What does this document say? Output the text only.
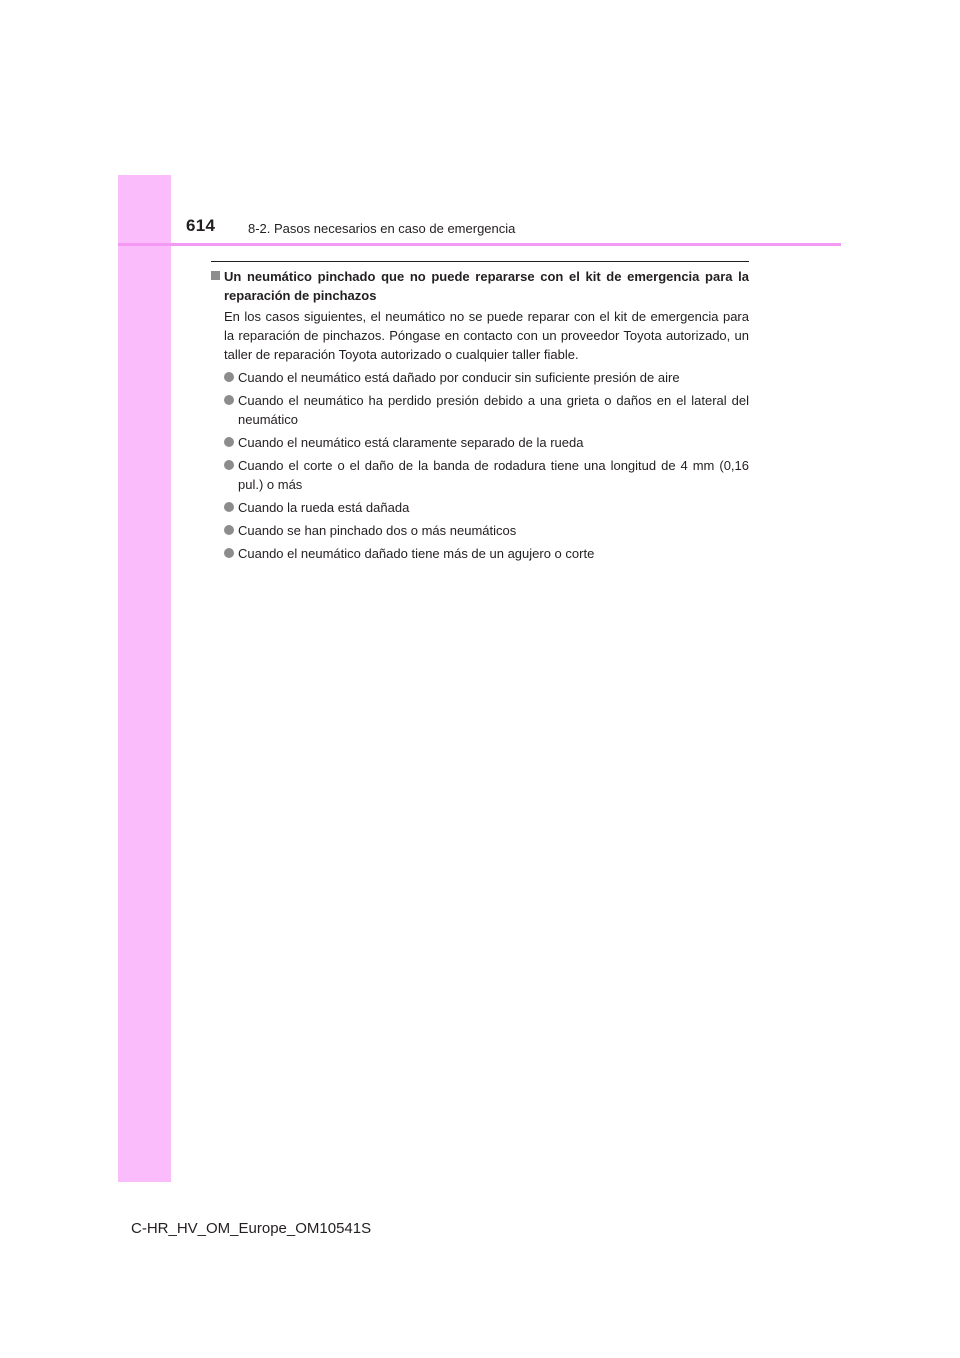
614	8-2. Pasos necesarios en caso de emergencia
Un neumático pinchado que no puede repararse con el kit de emergencia para la reparación de pinchazos
En los casos siguientes, el neumático no se puede reparar con el kit de emergencia para la reparación de pinchazos. Póngase en contacto con un proveedor Toyota autorizado, un taller de reparación Toyota autorizado o cualquier taller fiable.
Cuando el neumático está dañado por conducir sin suficiente presión de aire
Cuando el neumático ha perdido presión debido a una grieta o daños en el lateral del neumático
Cuando el neumático está claramente separado de la rueda
Cuando el corte o el daño de la banda de rodadura tiene una longitud de 4 mm (0,16 pul.) o más
Cuando la rueda está dañada
Cuando se han pinchado dos o más neumáticos
Cuando el neumático dañado tiene más de un agujero o corte
C-HR_HV_OM_Europe_OM10541S
